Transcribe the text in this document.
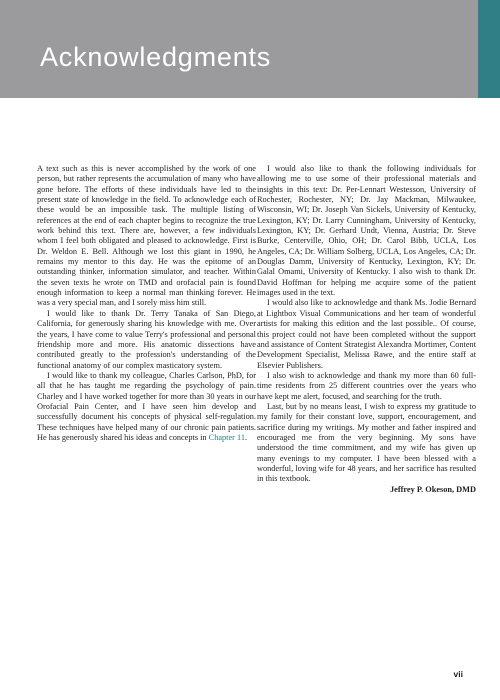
Acknowledgments

A text such as this is never accomplished by the work of one person, but rather represents the accumulation of many who have gone before. The efforts of these individuals have led to the present state of knowledge in the field. To acknowledge each of these would be an impossible task. The multiple listing of references at the end of each chapter begins to recognize the true work behind this text. There are, however, a few individuals whom I feel both obligated and pleased to acknowledge. First is Dr. Weldon E. Bell. Although we lost this giant in 1990, he remains my mentor to this day. He was the epitome of an outstanding thinker, information simulator, and teacher. Within the seven texts he wrote on TMD and orofacial pain is found enough information to keep a normal man thinking forever. He was a very special man, and I sorely miss him still.

I would like to thank Dr. Terry Tanaka of San Diego, California, for generously sharing his knowledge with me. Over the years, I have come to value Terry's professional and personal friendship more and more. His anatomic dissections have contributed greatly to the profession's understanding of the functional anatomy of our complex masticatory system.

I would like to thank my colleague, Charles Carlson, PhD, for all that he has taught me regarding the psychology of pain. Charley and I have worked together for more than 30 years in our Orofacial Pain Center, and I have seen him develop and successfully document his concepts of physical self-regulation. These techniques have helped many of our chronic pain patients. He has generously shared his ideas and concepts in Chapter 11.

I would also like to thank the following individuals for allowing me to use some of their professional materials and insights in this text: Dr. Per-Lennart Westesson, University of Rochester, Rochester, NY; Dr. Jay Mackman, Milwaukee, Wisconsin, WI; Dr. Joseph Van Sickels, University of Kentucky, Lexington, KY; Dr. Larry Cunningham, University of Kentucky, Lexington, KY; Dr. Gerhard Undt, Vienna, Austria; Dr. Steve Burke, Centerville, Ohio, OH; Dr. Carol Bibb, UCLA, Los Angeles, CA; Dr. William Solberg, UCLA, Los Angeles, CA; Dr. Douglas Damm, University of Kentucky, Lexington, KY; Dr. Galal Omami, University of Kentucky. I also wish to thank Dr. David Hoffman for helping me acquire some of the patient images used in the text.

I would also like to acknowledge and thank Ms. Jodie Bernard at Lightbox Visual Communications and her team of wonderful artists for making this edition and the last possible.. Of course, this project could not have been completed without the support and assistance of Content Strategist Alexandra Mortimer, Content Development Specialist, Melissa Rawe, and the entire staff at Elsevier Publishers.

I also wish to acknowledge and thank my more than 60 full-time residents from 25 different countries over the years who have kept me alert, focused, and searching for the truth.

Last, but by no means least, I wish to express my gratitude to my family for their constant love, support, encouragement, and sacrifice during my writings. My mother and father inspired and encouraged me from the very beginning. My sons have understood the time commitment, and my wife has given up many evenings to my computer. I have been blessed with a wonderful, loving wife for 48 years, and her sacrifice has resulted in this textbook.

Jeffrey P. Okeson, DMD

vii
